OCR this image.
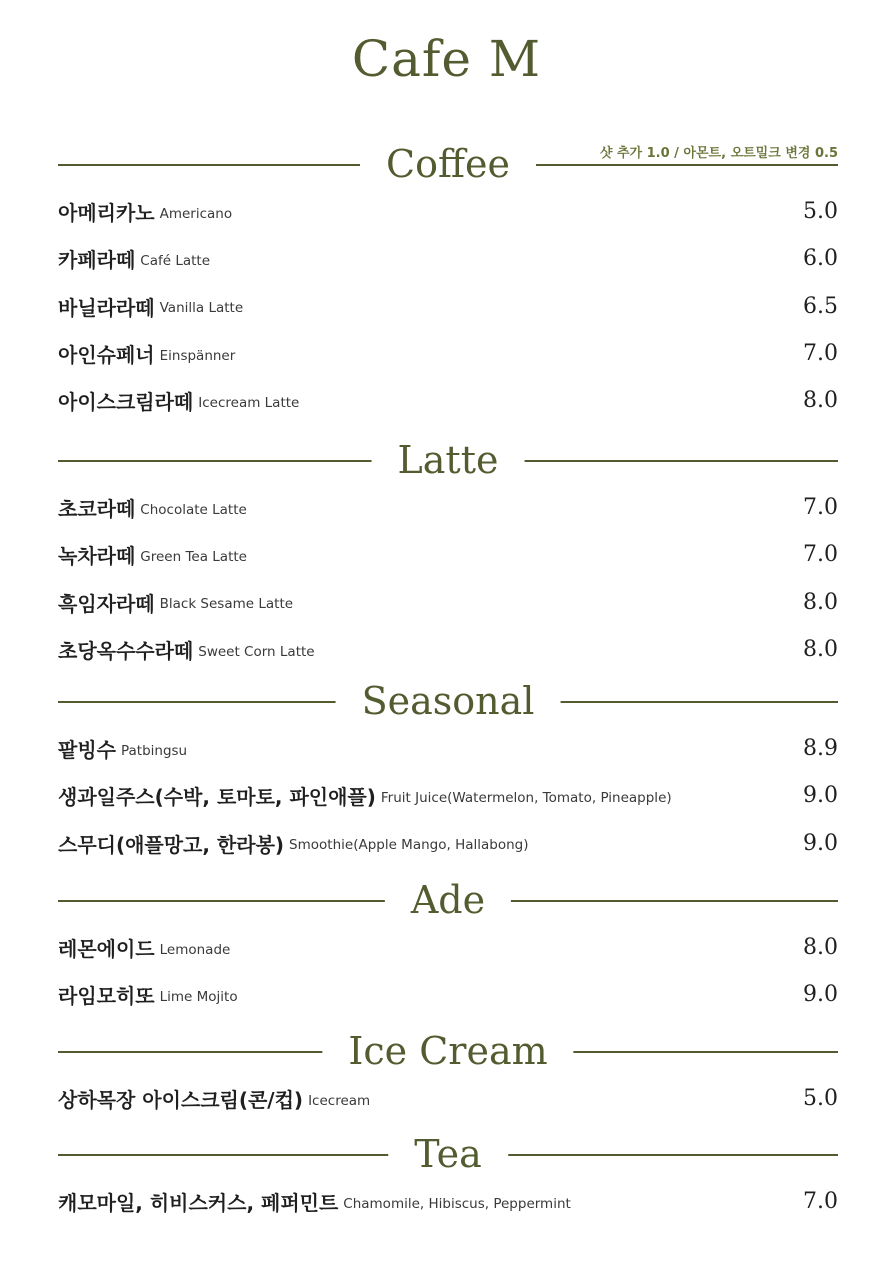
Cafe M
Coffee	샷 추가 1.0 / 아몬트, 오트밀크 변경 0.5
아메리카노 Americano	5.0
카페라떼 Café Latte	6.0
바닐라라떼 Vanilla Latte	6.5
아인슈페너 Einspänner	7.0
아이스크림라떼 Icecream Latte	8.0
Latte
초코라떼 Chocolate Latte	7.0
녹차라떼 Green Tea Latte	7.0
흑임자라떼 Black Sesame Latte	8.0
초당옥수수라떼 Sweet Corn Latte	8.0
Seasonal
팥빙수 Patbingsu	8.9
생과일주스(수박, 토마토, 파인애플) Fruit Juice(Watermelon, Tomato, Pineapple)	9.0
스무디(애플망고, 한라봉) Smoothie(Apple Mango, Hallabong)	9.0
Ade
레몬에이드 Lemonade	8.0
라임모히또 Lime Mojito	9.0
Ice Cream
상하목장 아이스크림(콘/컵) Icecream	5.0
Tea
캐모마일, 히비스커스, 페퍼민트 Chamomile, Hibiscus, Peppermint	7.0
